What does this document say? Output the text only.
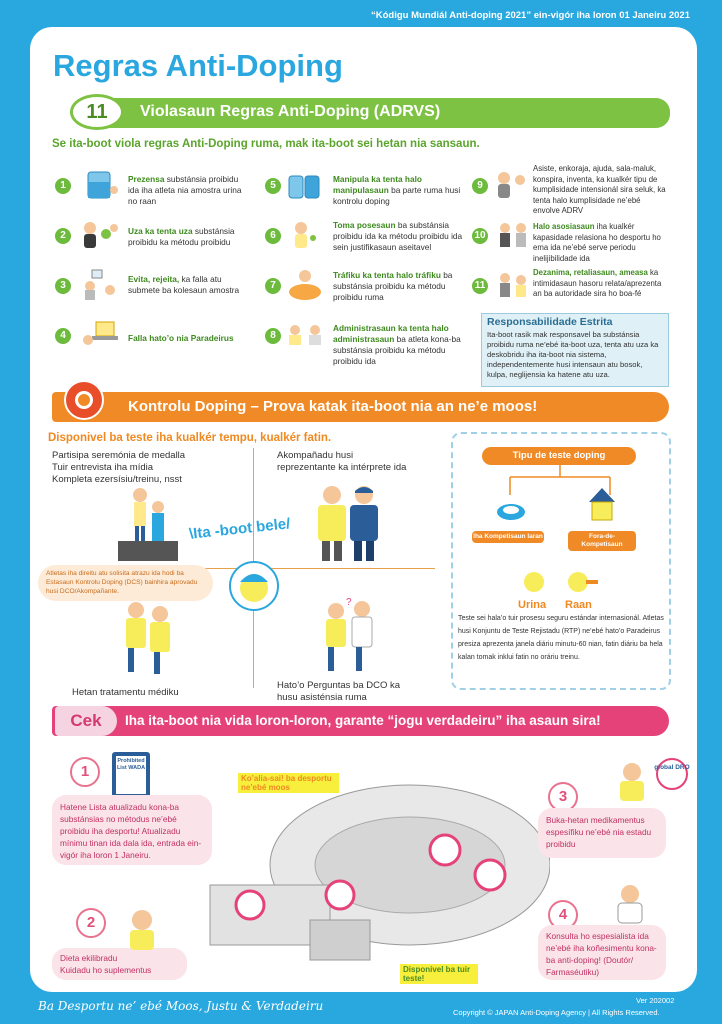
“Kódigu Mundiál Anti-doping 2021” ein-vigór iha loron 01 Janeiru 2021
Regras Anti-Doping
11	Violasaun Regras Anti-Doping (ADRVS)
Se ita-boot viola regras Anti-Doping ruma, mak ita-boot sei hetan nia sansaun.
1
Prezensa substánsia proibidu ida iha atleta nia amostra urina no raan
2	Uza ka tenta uza substánsia proibidu ka métodu proibidu
3
Evita, rejeita, ka falla atu submete ba kolesaun amostra
4	Falla hato’o nia Paradeirus
5
Manipula ka tenta halo manipulasaun ba parte ruma husi kontrolu doping
6
Toma posesaun ba substánsia proibidu ida ka métodu proibidu ida sein justifikasaun aseitavel
7
Tráfiku ka tenta halo tráfiku ba substánsia proibidu ka métodu proibidu ruma
8
Administrasaun ka tenta halo administrasaun ba atleta kona-ba substánsia proibidu ka métodu proibidu ida
9
Asiste, enkoraja, ajuda, sala-maluk, konspira, inventa, ka kualkér tipu de kumplisidade intensionál sira seluk, ka tenta halo kumplisidade ne’ebé envolve ADRV
10
Halo asosiasaun iha kualkér kapasidade relasiona ho desportu ho ema ida ne’ebé serve periodu inelijibilidade ida
11
Dezanima, retaliasaun, ameasa ka intimidasaun hasoru relata/aprezenta an ba autoridade sira ho boa-fé
Responsabilidade Estrita
Ita-boot rasik mak responsavel ba substánsia proibidu ruma ne’ebé ita-boot uza, tenta atu uza ka deskobridu iha ita-boot nia sistema, independentemente husi intensaun atu bosok, kulpa, neglijensia ka hatene atu uza.
Kontrolu Doping – Prova katak ita-boot nia an ne’e moos!
Disponivel ba teste iha kualkér tempu, kualkér fatin.
Partisipa seremónia de medalla
Tuir entrevista iha mídia
Kompleta ezersísiu/treinu, nsst
Akompañadu husi
reprezentante ka intérprete ida
\Ita -boot bele/
Atletas iha direitu atu solisita atrazu ida hodi ba Estasaun Kontrolu Doping (DCS) bainhira aprovadu husi DCO/Akompañante.
?
Hetan tratamentu médiku
Hato’o Perguntas ba DCO ka
husu asisténsia ruma
Tipu de teste doping
Iha Kompetisaun laran	Fora-de-Kompetisaun
Urina Raan
Teste sei hala’o tuir prosesu seguru estándar internasionál. Atletas husi Konjuntu de Teste Rejistadu (RTP) ne’ebé hato’o Paradeirus presiza aprezenta janela diáriu minutu-60 nian, fatin diáriu ba hela kalan tomak inklui fatin no oráriu treinu.
Cek	Iha ita-boot nia vida loron-loron, garante “jogu verdadeiru” iha asaun sira!
Prohibited List WADA	global DRO
Ko’alia-sai! ba desportu ne’ebé moos
Disponivel ba tuir teste!
1
Hatene Lista atualizadu kona-ba substánsias no métodus ne’ebé proibidu iha desportu! Atualizadu mínimu tinan ida dala ida, entrada ein-vigór iha loron 1 Janeiru.
2
Dieta ekilibradu
Kuidadu ho suplementus
3
Buka-hetan medikamentus espesífiku ne’ebé nia estadu proibidu
4
Konsulta ho espesialista ida ne’ebé iha koñesimentu kona-ba anti-doping! (Doutór/ Farmaséutiku)
Ba Desportu ne’ ebé Moos, Justu & Verdadeiru	Ver 202002
Copyright © JAPAN Anti-Doping Agency | All Rights Reserved.
